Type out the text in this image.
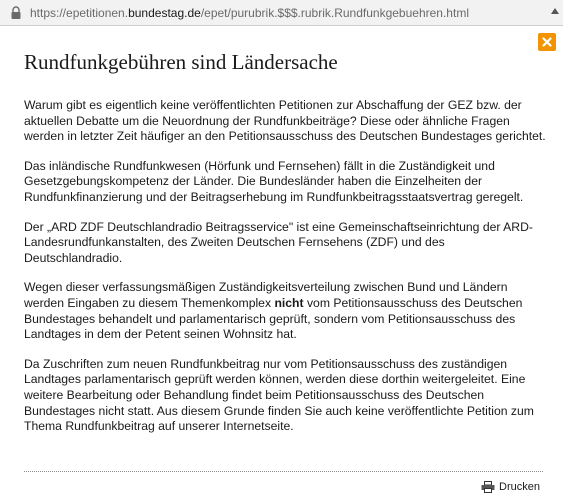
https://epetitionen.bundestag.de/epet/purubrik.$$$.rubrik.Rundfunkgebuehren.html
Rundfunkgebühren sind Ländersache

Warum gibt es eigentlich keine veröffentlichten Petitionen zur Abschaffung der GEZ bzw. der aktuellen Debatte um die Neuordnung der Rundfunkbeiträge? Diese oder ähnliche Fragen werden in letzter Zeit häufiger an den Petitionsausschuss des Deutschen Bundestages gerichtet.

Das inländische Rundfunkwesen (Hörfunk und Fernsehen) fällt in die Zuständigkeit und Gesetzgebungskompetenz der Länder. Die Bundesländer haben die Einzelheiten der Rundfunkfinanzierung und der Beitragserhebung im Rundfunkbeitragsstaatsvertrag geregelt.

Der „ARD ZDF Deutschlandradio Beitragsservice" ist eine Gemeinschaftseinrichtung der ARD-Landesrundfunkanstalten, des Zweiten Deutschen Fernsehens (ZDF) und des Deutschlandradio.

Wegen dieser verfassungsmäßigen Zuständigkeitsverteilung zwischen Bund und Ländern werden Eingaben zu diesem Themenkomplex nicht vom Petitionsausschuss des Deutschen Bundestages behandelt und parlamentarisch geprüft, sondern vom Petitionsausschuss des Landtages in dem der Petent seinen Wohnsitz hat.

Da Zuschriften zum neuen Rundfunkbeitrag nur vom Petitionsausschuss des zuständigen Landtages parlamentarisch geprüft werden können, werden diese dorthin weitergeleitet. Eine weitere Bearbeitung oder Behandlung findet beim Petitionsausschuss des Deutschen Bundestages nicht statt. Aus diesem Grunde finden Sie auch keine veröffentlichte Petition zum Thema Rundfunkbeitrag auf unserer Internetseite.

Drucken
